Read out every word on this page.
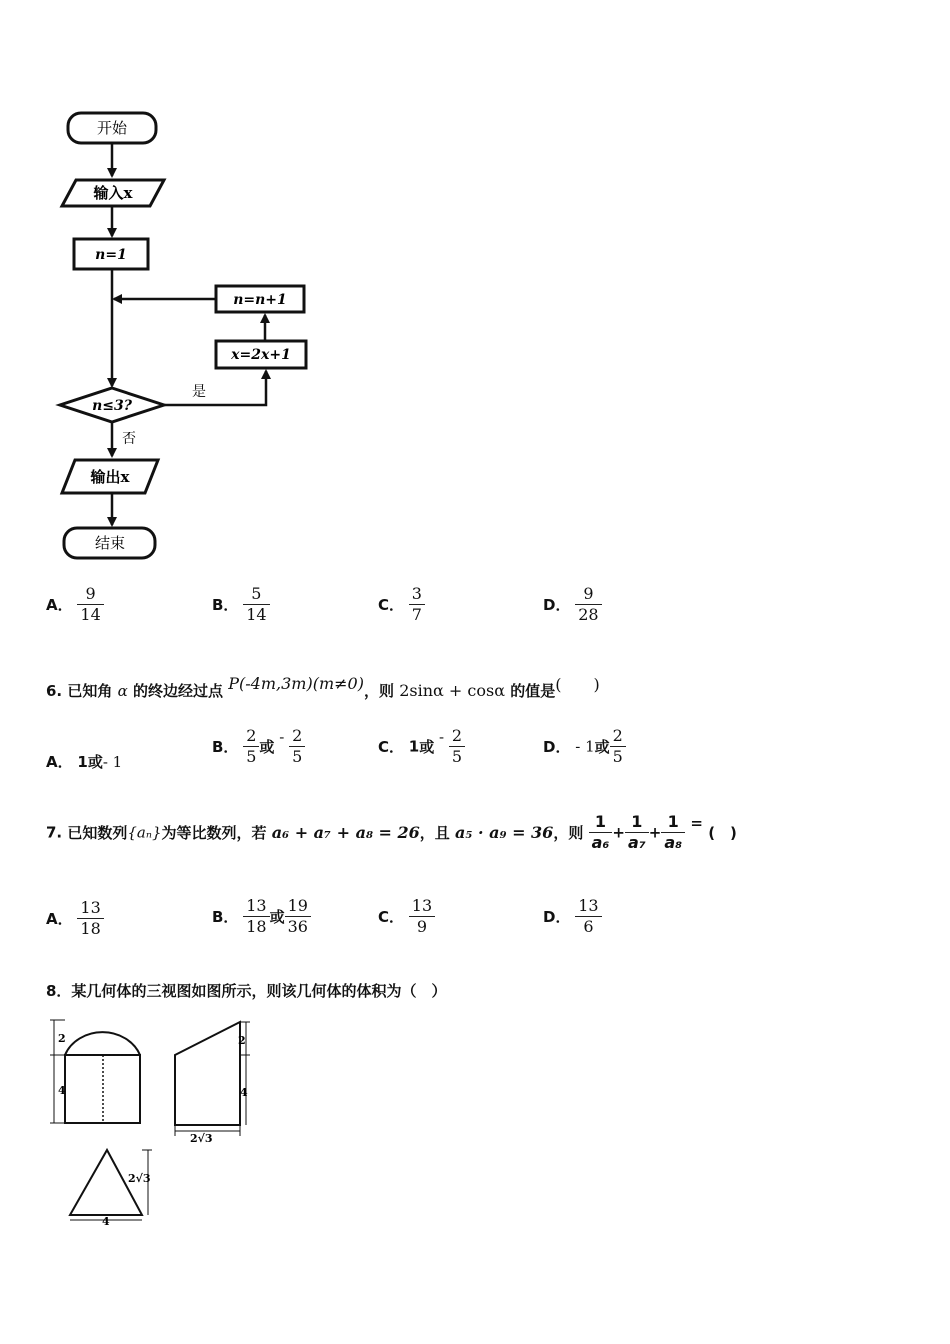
开始
输入x
n=1
n=n+1
x=2x+1
n≤3?
是
否
输出x
结束
A． $\frac{9}{14}$	B． $\frac{5}{14}$	C． $\frac{3}{7}$	D． $\frac{9}{28}$
6. 已知角 α 的终边经过点 P(-4m,3m)(m≠0)，则 2sinα + cosα 的值是(　　)
A． 1或- 1
B． $\frac{2}{5}$ 或 - $\frac{2}{5}$	C． 1或 - $\frac{2}{5}$	D． - 1或 $\frac{2}{5}$
7. 已知数列{aₙ}为等比数列，若 a₆ + a₇ + a₈ = 26，且 a₅ · a₉ = 36，则 $\frac{1}{\text{a₆}} + \frac{1}{\text{a₇}} + \frac{1}{\text{a₈}}$ = (　)
A． $\frac{13}{18}$	B． $\frac{13}{18}$ 或 $\frac{19}{36}$	C． $\frac{13}{9}$	D． $\frac{13}{6}$
8．某几何体的三视图如图所示，则该几何体的体积为（　）
2
4
2
4
2√3
2√3
4
